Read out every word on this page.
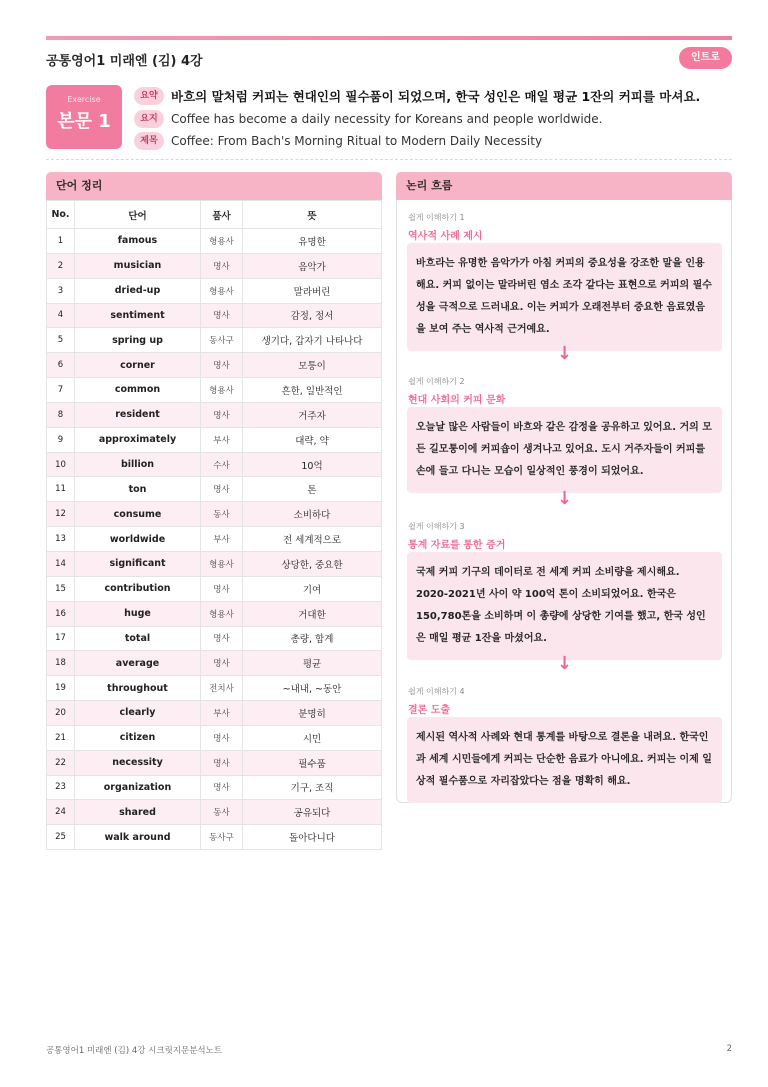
공통영어1 미래엔 (김) 4강	인트로
Exercise
본문 1
요약	바흐의 말처럼 커피는 현대인의 필수품이 되었으며, 한국 성인은 매일 평균 1잔의 커피를 마셔요.
요지	Coffee has become a daily necessity for Koreans and people worldwide.
제목	Coffee: From Bach's Morning Ritual to Modern Daily Necessity
단어 정리
No.	단어	품사	뜻
1	famous	형용사	유명한
2	musician	명사	음악가
3	dried-up	형용사	말라버린
4	sentiment	명사	감정, 정서
5	spring up	동사구	생기다, 갑자기 나타나다
6	corner	명사	모퉁이
7	common	형용사	흔한, 일반적인
8	resident	명사	거주자
9	approximately	부사	대략, 약
10	billion	수사	10억
11	ton	명사	톤
12	consume	동사	소비하다
13	worldwide	부사	전 세계적으로
14	significant	형용사	상당한, 중요한
15	contribution	명사	기여
16	huge	형용사	거대한
17	total	명사	총량, 합계
18	average	명사	평균
19	throughout	전치사	~내내, ~동안
20	clearly	부사	분명히
21	citizen	명사	시민
22	necessity	명사	필수품
23	organization	명사	기구, 조직
24	shared	동사	공유되다
25	walk around	동사구	돌아다니다
논리 흐름
쉽게 이해하기 1
역사적 사례 제시
바흐라는 유명한 음악가가 아침 커피의 중요성을 강조한 말을 인용해요. 커피 없이는 말라버린 염소 조각 같다는 표현으로 커피의 필수성을 극적으로 드러내요. 이는 커피가 오래전부터 중요한 음료였음을 보여 주는 역사적 근거예요.
↓
쉽게 이해하기 2
현대 사회의 커피 문화
오늘날 많은 사람들이 바흐와 같은 감정을 공유하고 있어요. 거의 모든 길모퉁이에 커피숍이 생겨나고 있어요. 도시 거주자들이 커피를 손에 들고 다니는 모습이 일상적인 풍경이 되었어요.
↓
쉽게 이해하기 3
통계 자료를 통한 증거
국제 커피 기구의 데이터로 전 세계 커피 소비량을 제시해요. 2020-2021년 사이 약 100억 톤이 소비되었어요. 한국은 150,780톤을 소비하며 이 총량에 상당한 기여를 했고, 한국 성인은 매일 평균 1잔을 마셨어요.
↓
쉽게 이해하기 4
결론 도출
제시된 역사적 사례와 현대 통계를 바탕으로 결론을 내려요. 한국인과 세계 시민들에게 커피는 단순한 음료가 아니에요. 커피는 이제 일상적 필수품으로 자리잡았다는 점을 명확히 해요.
공통영어1 미래엔 (김) 4강 시크릿지문분석노트	2
